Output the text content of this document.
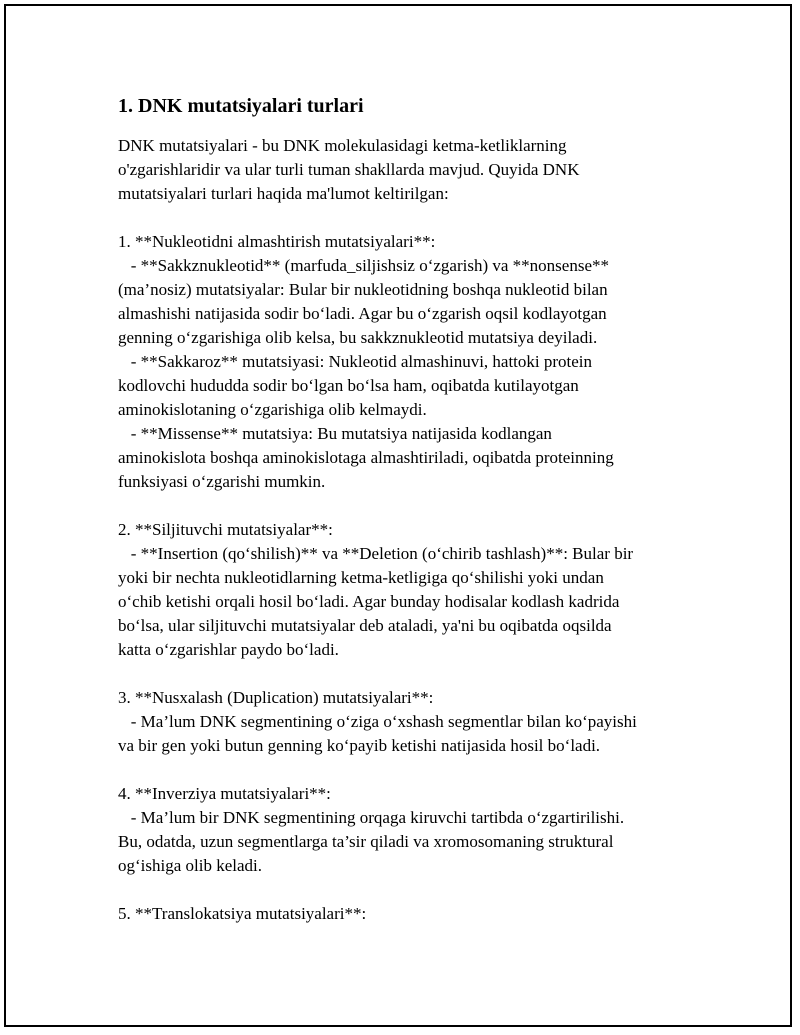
1. DNK mutatsiyalari turlari
DNK mutatsiyalari - bu DNK molekulasidagi ketma-ketliklarning
o'zgarishlaridir va ular turli tuman shakllarda mavjud. Quyida DNK
mutatsiyalari turlari haqida ma'lumot keltirilgan:
1. **Nukleotidni almashtirish mutatsiyalari**:
- **Sakkznukleotid** (marfuda_siljishsiz o‘zgarish) va **nonsense**
(ma’nosiz) mutatsiyalar: Bular bir nukleotidning boshqa nukleotid bilan
almashishi natijasida sodir bo‘ladi. Agar bu o‘zgarish oqsil kodlayotgan
genning o‘zgarishiga olib kelsa, bu sakkznukleotid mutatsiya deyiladi.
- **Sakkaroz** mutatsiyasi: Nukleotid almashinuvi, hattoki protein
kodlovchi hududda sodir bo‘lgan bo‘lsa ham, oqibatda kutilayotgan
aminokislotaning o‘zgarishiga olib kelmaydi.
- **Missense** mutatsiya: Bu mutatsiya natijasida kodlangan
aminokislota boshqa aminokislotaga almashtiriladi, oqibatda proteinning
funksiyasi o‘zgarishi mumkin.
2. **Siljituvchi mutatsiyalar**:
- **Insertion (qo‘shilish)** va **Deletion (o‘chirib tashlash)**: Bular bir
yoki bir nechta nukleotidlarning ketma-ketligiga qo‘shilishi yoki undan
o‘chib ketishi orqali hosil bo‘ladi. Agar bunday hodisalar kodlash kadrida
bo‘lsa, ular siljituvchi mutatsiyalar deb ataladi, ya'ni bu oqibatda oqsilda
katta o‘zgarishlar paydo bo‘ladi.
3. **Nusxalash (Duplication) mutatsiyalari**:
- Ma’lum DNK segmentining o‘ziga o‘xshash segmentlar bilan ko‘payishi
va bir gen yoki butun genning ko‘payib ketishi natijasida hosil bo‘ladi.
4. **Inverziya mutatsiyalari**:
- Ma’lum bir DNK segmentining orqaga kiruvchi tartibda o‘zgartirilishi.
Bu, odatda, uzun segmentlarga ta’sir qiladi va xromosomaning struktural
og‘ishiga olib keladi.
5. **Translokatsiya mutatsiyalari**:
